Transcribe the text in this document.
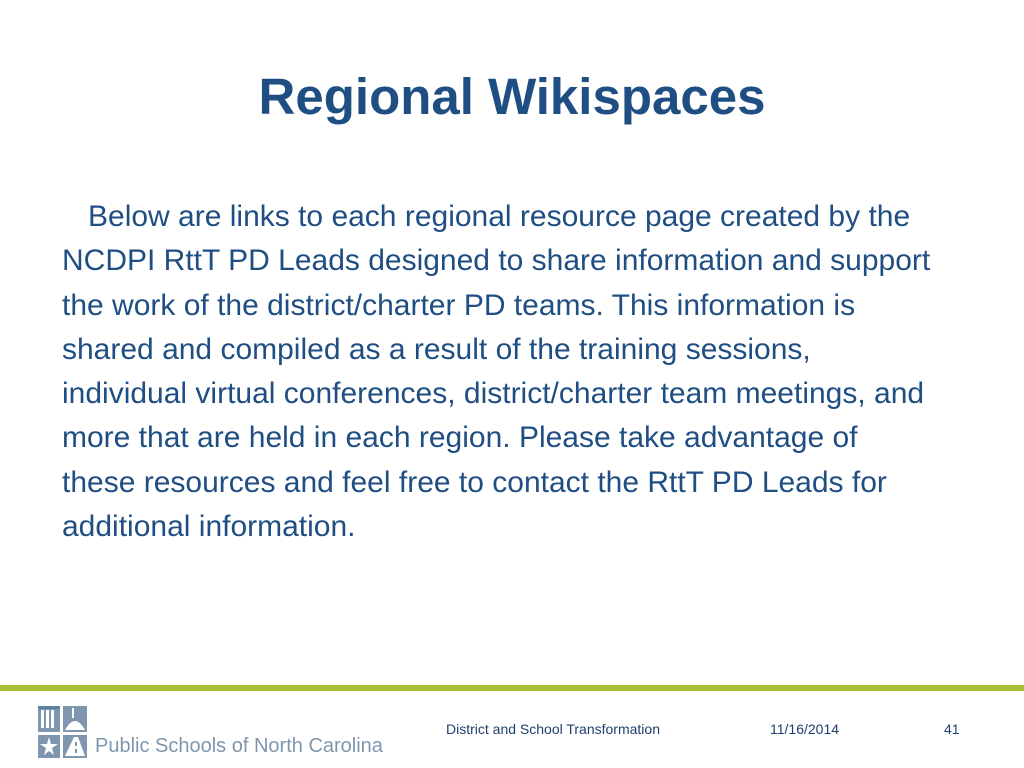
Regional Wikispaces

Below are links to each regional resource page created by the NCDPI RttT PD Leads designed to share information and support the work of the district/charter PD teams. This information is shared and compiled as a result of the training sessions, individual virtual conferences, district/charter team meetings, and more that are held in each region. Please take advantage of these resources and feel free to contact the RttT PD Leads for additional information.

Public Schools of North Carolina
District and School Transformation	11/16/2014	41
